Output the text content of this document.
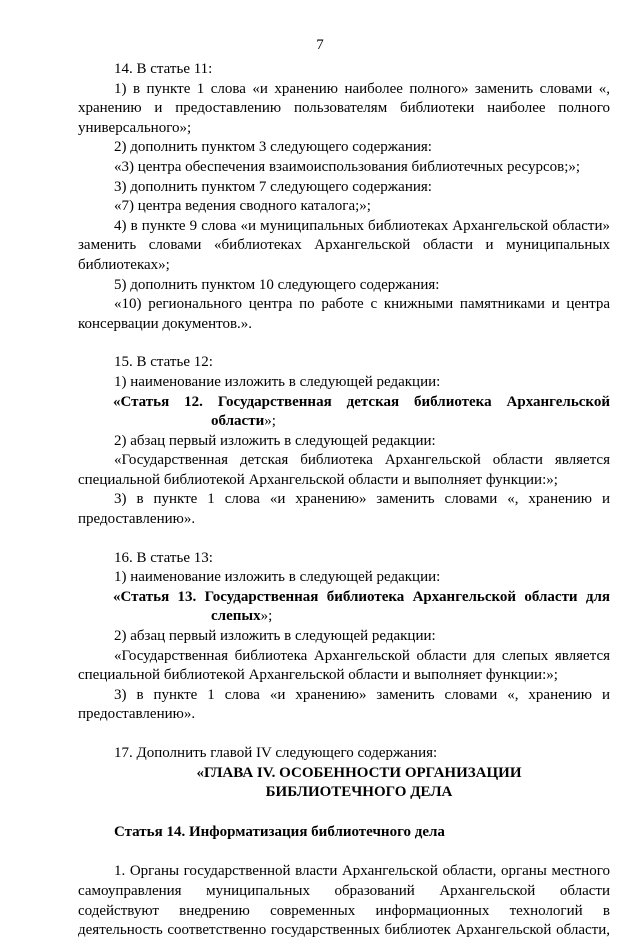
7

14. В статье 11:

1) в пункте 1 слова «и хранению наиболее полного» заменить словами «, хранению и предоставлению пользователям библиотеки наиболее полного универсального»;

2) дополнить пунктом 3 следующего содержания:

«3) центра обеспечения взаимоиспользования библиотечных ресурсов;»;

3) дополнить пунктом 7 следующего содержания:

«7) центра ведения сводного каталога;»;

4) в пункте 9 слова «и муниципальных библиотеках Архангельской области» заменить словами «библиотеках Архангельской области и муниципальных библиотеках»;

5) дополнить пунктом 10 следующего содержания:

«10) регионального центра по работе с книжными памятниками и центра консервации документов.».

15. В статье 12:

1) наименование изложить в следующей редакции:

«Статья 12. Государственная детская библиотека Архангельской области»;

2) абзац первый изложить в следующей редакции:

«Государственная детская библиотека Архангельской области является специальной библиотекой Архангельской области и выполняет функции:»;

3) в пункте 1 слова «и хранению» заменить словами «, хранению и предоставлению».

16. В статье 13:

1) наименование изложить в следующей редакции:

«Статья 13. Государственная библиотека Архангельской области для слепых»;

2) абзац первый изложить в следующей редакции:

«Государственная библиотека Архангельской области для слепых является специальной библиотекой Архангельской области и выполняет функции:»;

3) в пункте 1 слова «и хранению» заменить словами «, хранению и предоставлению».

17. Дополнить главой IV следующего содержания:

«ГЛАВА IV. ОСОБЕННОСТИ ОРГАНИЗАЦИИ

БИБЛИОТЕЧНОГО ДЕЛА

Статья 14. Информатизация библиотечного дела

1. Органы государственной власти Архангельской области, органы местного самоуправления муниципальных образований Архангельской области содействуют внедрению современных информационных технологий в деятельность соответственно государственных библиотек Архангельской области,
